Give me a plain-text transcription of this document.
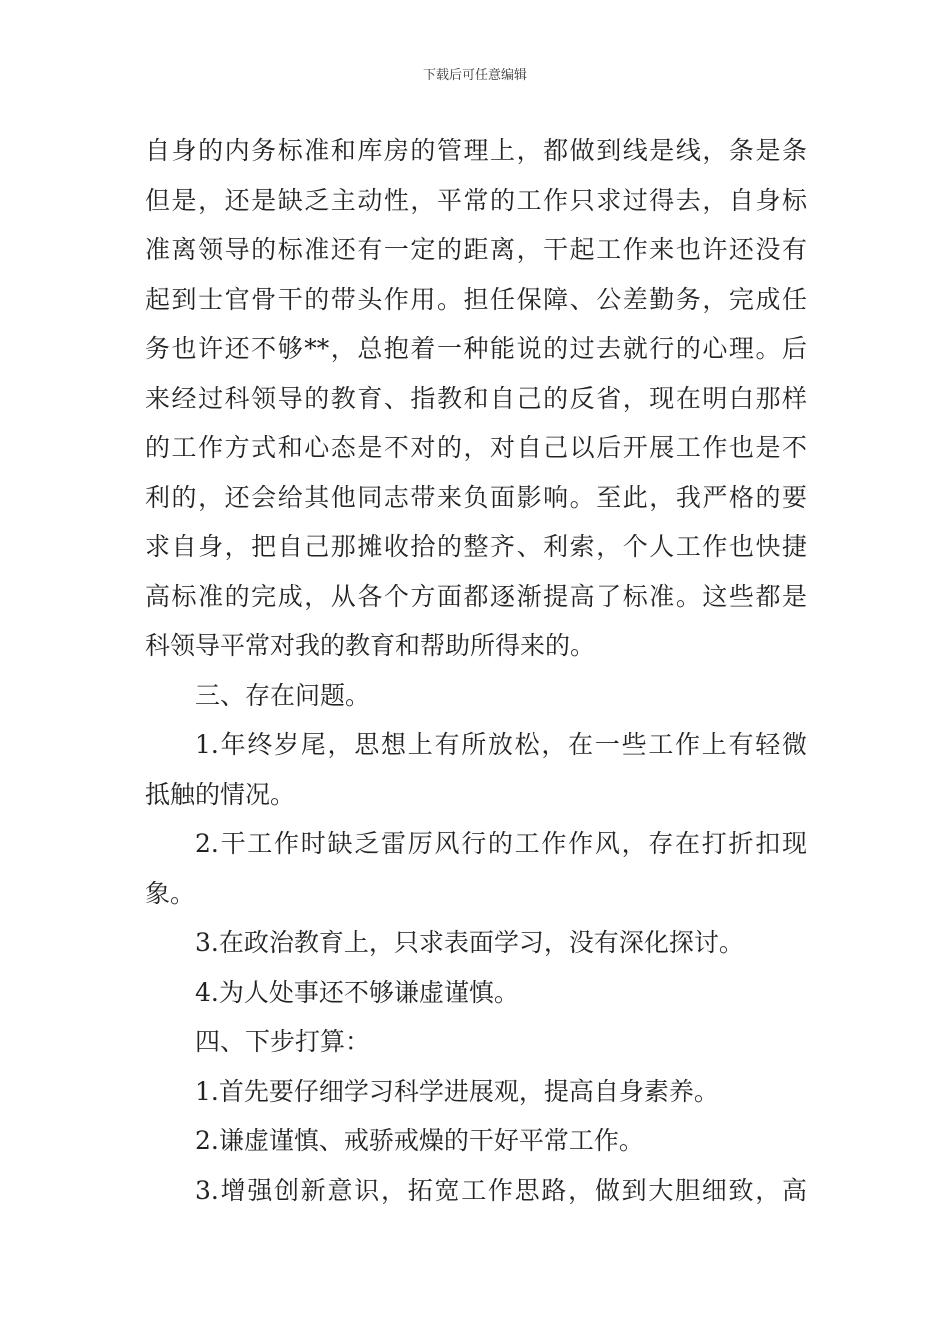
下载后可任意编辑
自身的内务标准和库房的管理上，都做到线是线，条是条
但是，还是缺乏主动性，平常的工作只求过得去，自身标
准离领导的标准还有一定的距离，干起工作来也许还没有
起到士官骨干的带头作用。担任保障、公差勤务，完成任
务也许还不够**，总抱着一种能说的过去就行的心理。后
来经过科领导的教育、指教和自己的反省，现在明白那样
的工作方式和心态是不对的，对自己以后开展工作也是不
利的，还会给其他同志带来负面影响。至此，我严格的要
求自身，把自己那摊收拾的整齐、利索，个人工作也快捷
高标准的完成，从各个方面都逐渐提高了标准。这些都是
科领导平常对我的教育和帮助所得来的。
三、存在问题。
1.年终岁尾，思想上有所放松，在一些工作上有轻微
抵触的情况。
2.干工作时缺乏雷厉风行的工作作风，存在打折扣现
象。
3.在政治教育上，只求表面学习，没有深化探讨。
4.为人处事还不够谦虚谨慎。
四、下步打算：
1.首先要仔细学习科学进展观，提高自身素养。
2.谦虚谨慎、戒骄戒燥的干好平常工作。
3.增强创新意识，拓宽工作思路，做到大胆细致，高
